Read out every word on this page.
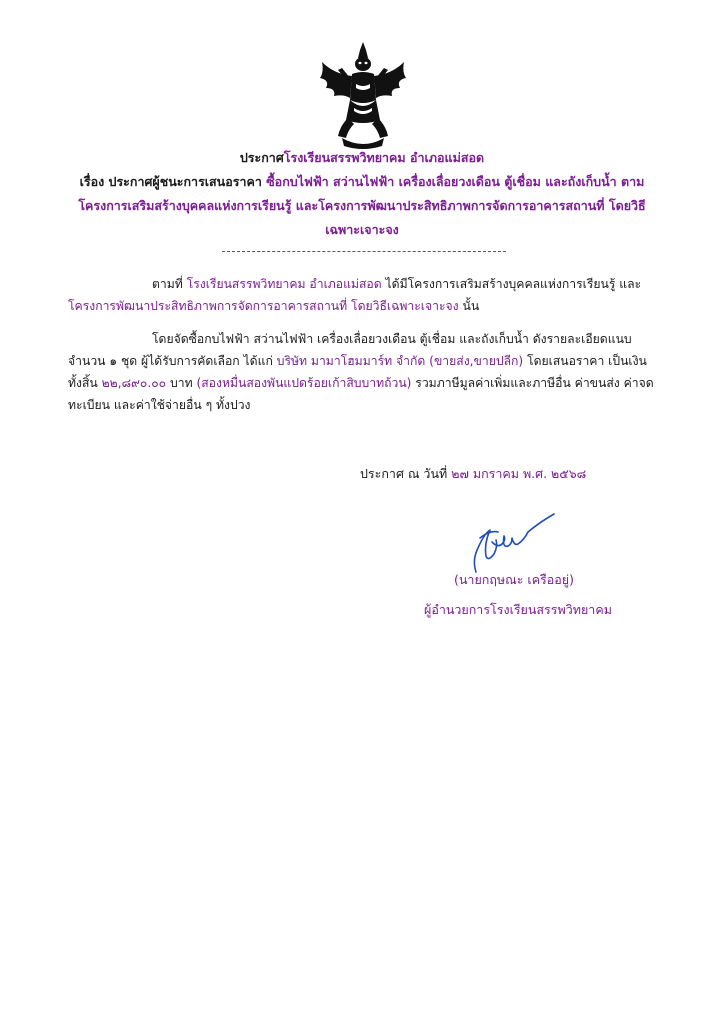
ประกาศโรงเรียนสรรพวิทยาคม อำเภอแม่สอด
เรื่อง ประกาศผู้ชนะการเสนอราคา ซื้อกบไฟฟ้า สว่านไฟฟ้า เครื่องเลื่อยวงเดือน ตู้เชื่อม และถังเก็บน้ำ ตาม
โครงการเสริมสร้างบุคคลแห่งการเรียนรู้ และโครงการพัฒนาประสิทธิภาพการจัดการอาคารสถานที่ โดยวิธี
เฉพาะเจาะจง
ตามที่ โรงเรียนสรรพวิทยาคม อำเภอแม่สอด ได้มีโครงการเสริมสร้างบุคคลแห่งการเรียนรู้ และโครงการพัฒนาประสิทธิภาพการจัดการอาคารสถานที่ โดยวิธีเฉพาะเจาะจง นั้น
โดยจัดซื้อกบไฟฟ้า สว่านไฟฟ้า เครื่องเลื่อยวงเดือน ตู้เชื่อม และถังเก็บน้ำ ดังรายละเอียดแนบ จำนวน ๑ ชุด ผู้ได้รับการคัดเลือก ได้แก่ บริษัท มามาโฮมมาร์ท จำกัด (ขายส่ง,ขายปลีก) โดยเสนอราคา เป็นเงินทั้งสิ้น ๒๒,๘๙๐.๐๐ บาท (สองหมื่นสองพันแปดร้อยเก้าสิบบาทถ้วน) รวมภาษีมูลค่าเพิ่มและภาษีอื่น ค่าขนส่ง ค่าจดทะเบียน และค่าใช้จ่ายอื่น ๆ ทั้งปวง
ประกาศ ณ วันที่ ๒๗ มกราคม พ.ศ. ๒๕๖๘
(นายกฤษณะ เครืออยู่)
ผู้อำนวยการโรงเรียนสรรพวิทยาคม
